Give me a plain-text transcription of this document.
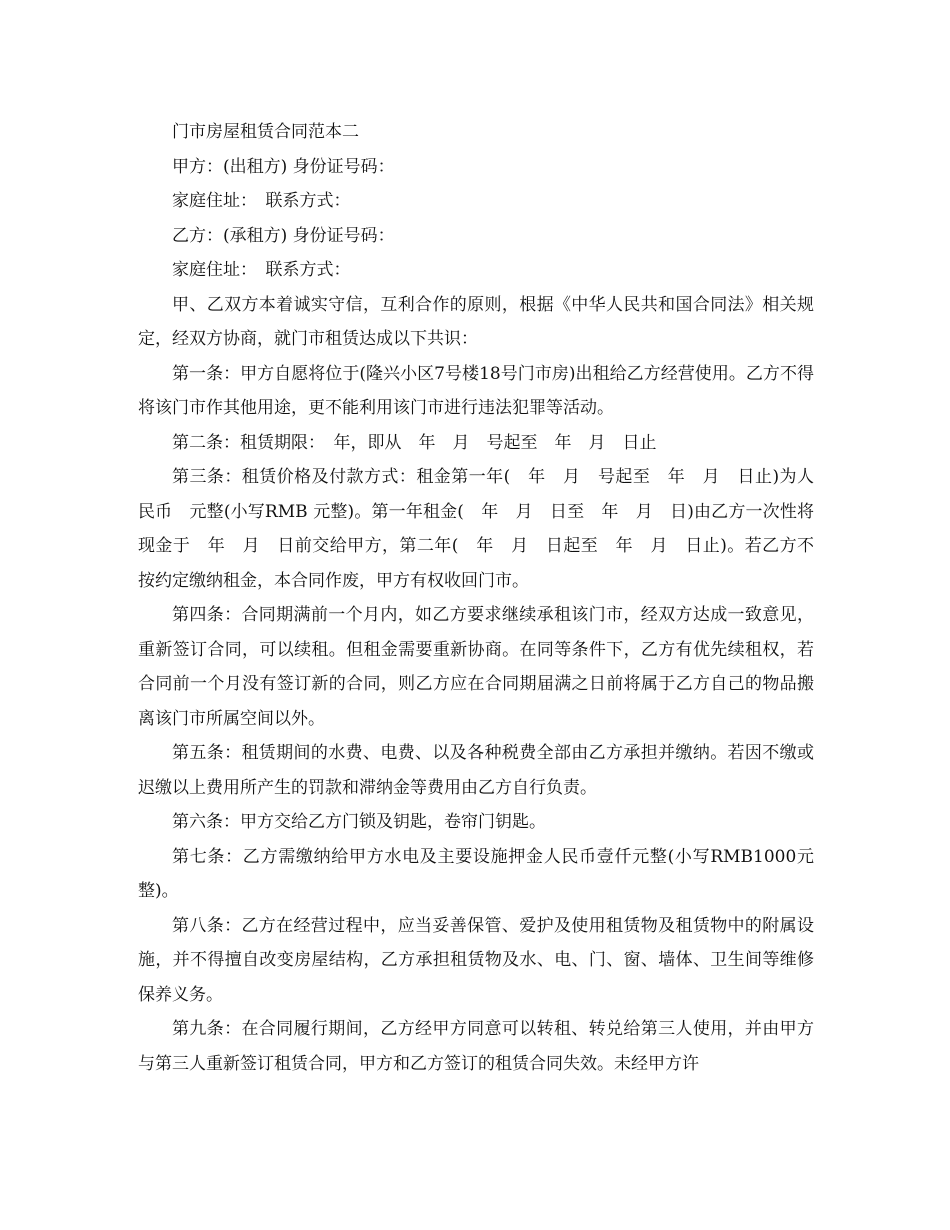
门市房屋租赁合同范本二

甲方：(出租方) 身份证号码：

家庭住址：　联系方式：

乙方：(承租方) 身份证号码：

家庭住址：　联系方式：

甲、乙双方本着诚实守信，互利合作的原则，根据《中华人民共和国合同法》相关规定，经双方协商，就门市租赁达成以下共识：

第一条：甲方自愿将位于(隆兴小区7号楼18号门市房)出租给乙方经营使用。乙方不得将该门市作其他用途，更不能利用该门市进行违法犯罪等活动。

第二条：租赁期限：　年，即从　年　月　号起至　年　月　日止

第三条：租赁价格及付款方式：租金第一年(　年　月　号起至　年　月　日止)为人民币　元整(小写RMB 元整)。第一年租金(　年　月　日至　年　月　日)由乙方一次性将现金于　年　月　日前交给甲方，第二年(　年　月　日起至　年　月　日止)。若乙方不按约定缴纳租金，本合同作废，甲方有权收回门市。

第四条：合同期满前一个月内，如乙方要求继续承租该门市，经双方达成一致意见，重新签订合同，可以续租。但租金需要重新协商。在同等条件下，乙方有优先续租权，若合同前一个月没有签订新的合同，则乙方应在合同期届满之日前将属于乙方自己的物品搬离该门市所属空间以外。

第五条：租赁期间的水费、电费、以及各种税费全部由乙方承担并缴纳。若因不缴或迟缴以上费用所产生的罚款和滞纳金等费用由乙方自行负责。

第六条：甲方交给乙方门锁及钥匙，卷帘门钥匙。

第七条：乙方需缴纳给甲方水电及主要设施押金人民币壹仟元整(小写RMB1000元整)。

第八条：乙方在经营过程中，应当妥善保管、爱护及使用租赁物及租赁物中的附属设施，并不得擅自改变房屋结构，乙方承担租赁物及水、电、门、窗、墙体、卫生间等维修保养义务。

第九条：在合同履行期间，乙方经甲方同意可以转租、转兑给第三人使用，并由甲方与第三人重新签订租赁合同，甲方和乙方签订的租赁合同失效。未经甲方许
